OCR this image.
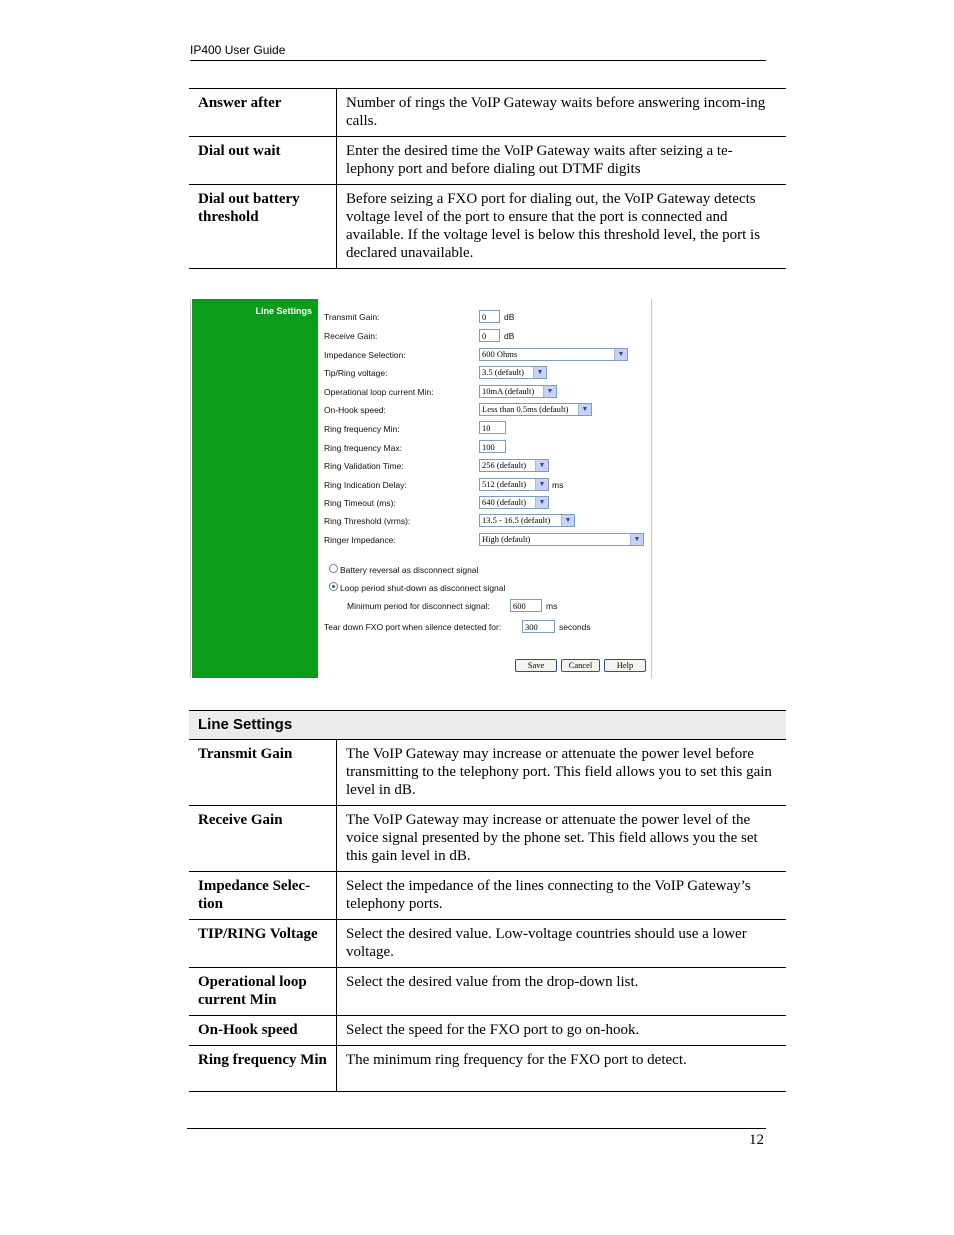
IP400 User Guide
Answer after	Number of rings the VoIP Gateway waits before answering incom-ing calls.
Dial out wait	Enter the desired time the VoIP Gateway waits after seizing a te-lephony port and before dialing out DTMF digits
Dial out battery threshold	Before seizing a FXO port for dialing out, the VoIP Gateway detects voltage level of the port to ensure that the port is connected and available. If the voltage level is below this threshold level, the port is declared unavailable.
Line Settings
Transmit Gain:	0	dB
Receive Gain:	0	dB
Impedance Selection:	600 Ohms	▼
Tip/Ring voltage:	3.5 (default)	▼
Operational loop current Min:	10mA (default)	▼
On-Hook speed:	Less than 0.5ms (default)	▼
Ring frequency Min:	10
Ring frequency Max:	100
Ring Validation Time:	256 (default)	▼
Ring Indication Delay:	512 (default)	▼ ms
Ring Timeout (ms):	640 (default)	▼
Ring Threshold (vrms):	13.5 - 16.5 (default)	▼
Ringer Impedance:	High (default)	▼
Battery reversal as disconnect signal
Loop period shut-down as disconnect signal
Minimum period for disconnect signal:	600	ms
Tear down FXO port when silence detected for:	300	seconds
Save	Cancel	Help
Line Settings	
Transmit Gain	The VoIP Gateway may increase or attenuate the power level before transmitting to the telephony port. This field allows you to set this gain level in dB.
Receive Gain	The VoIP Gateway may increase or attenuate the power level of the voice signal presented by the phone set. This field allows you the set this gain level in dB.
Impedance Selec-tion	Select the impedance of the lines connecting to the VoIP Gateway’s telephony ports.
TIP/RING Voltage	Select the desired value. Low-voltage countries should use a lower voltage.
Operational loop current Min	Select the desired value from the drop-down list.
On-Hook speed	Select the speed for the FXO port to go on-hook.
Ring frequency Min	The minimum ring frequency for the FXO port to detect.
12
